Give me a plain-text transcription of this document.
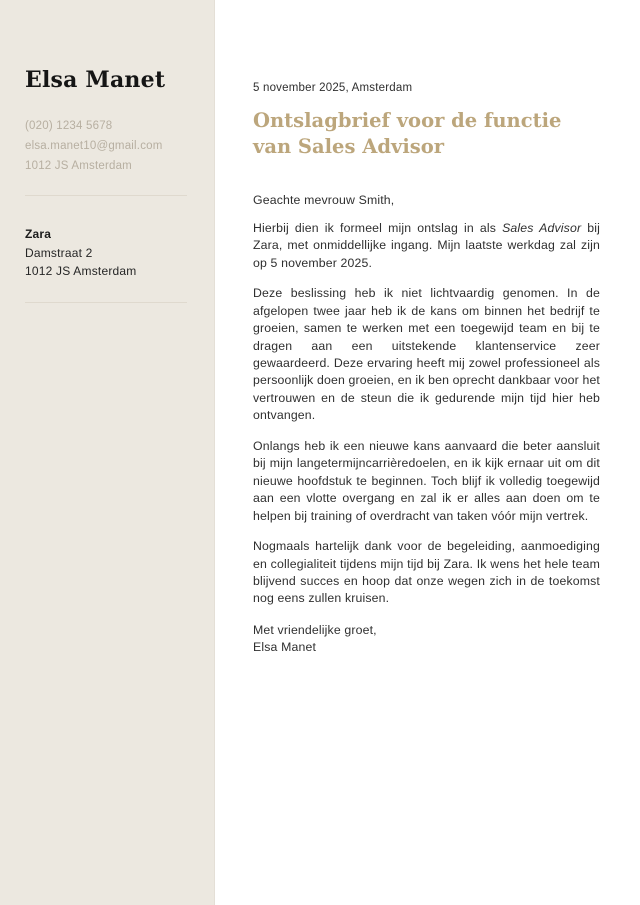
Elsa Manet
(020) 1234 5678
elsa.manet10@gmail.com
1012 JS Amsterdam
Zara
Damstraat 2
1012 JS Amsterdam
5 november 2025, Amsterdam
Ontslagbrief voor de functie van Sales Advisor

Geachte mevrouw Smith,

Hierbij dien ik formeel mijn ontslag in als Sales Advisor bij Zara, met onmiddellijke ingang. Mijn laatste werkdag zal zijn op 5 november 2025.

Deze beslissing heb ik niet lichtvaardig genomen. In de afgelopen twee jaar heb ik de kans om binnen het bedrijf te groeien, samen te werken met een toegewijd team en bij te dragen aan een uitstekende klantenservice zeer gewaardeerd. Deze ervaring heeft mij zowel professioneel als persoonlijk doen groeien, en ik ben oprecht dankbaar voor het vertrouwen en de steun die ik gedurende mijn tijd hier heb ontvangen.

Onlangs heb ik een nieuwe kans aanvaard die beter aansluit bij mijn langetermijncarrièredoelen, en ik kijk ernaar uit om dit nieuwe hoofdstuk te beginnen. Toch blijf ik volledig toegewijd aan een vlotte overgang en zal ik er alles aan doen om te helpen bij training of overdracht van taken vóór mijn vertrek.

Nogmaals hartelijk dank voor de begeleiding, aanmoediging en collegialiteit tijdens mijn tijd bij Zara. Ik wens het hele team blijvend succes en hoop dat onze wegen zich in de toekomst nog eens zullen kruisen.

Met vriendelijke groet,

Elsa Manet
